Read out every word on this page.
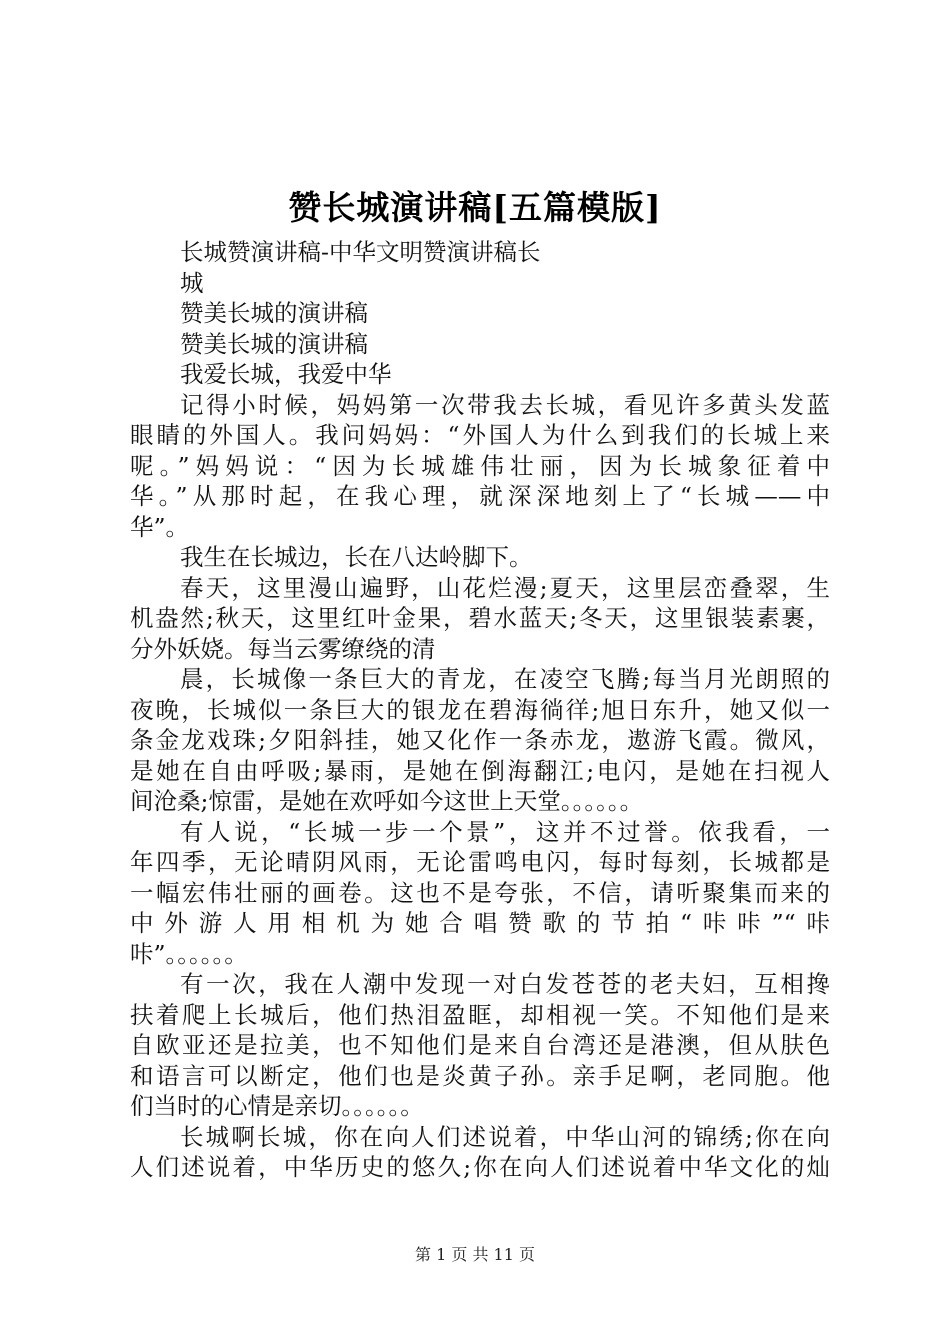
赞长城演讲稿[五篇模版]
长城赞演讲稿-中华文明赞演讲稿长
城
赞美长城的演讲稿
赞美长城的演讲稿
我爱长城，我爱中华
记得小时候，妈妈第一次带我去长城，看见许多黄头发蓝
眼睛的外国人。我问妈妈：“外国人为什么到我们的长城上来
呢。”妈妈说：“因为长城雄伟壮丽，因为长城象征着中
华。”从那时起，在我心理，就深深地刻上了“长城——中
华”。
我生在长城边，长在八达岭脚下。
春天，这里漫山遍野，山花烂漫;夏天，这里层峦叠翠，生
机盎然;秋天，这里红叶金果，碧水蓝天;冬天，这里银装素裹，
分外妖娆。每当云雾缭绕的清
晨，长城像一条巨大的青龙，在凌空飞腾;每当月光朗照的
夜晚，长城似一条巨大的银龙在碧海徜徉;旭日东升，她又似一
条金龙戏珠;夕阳斜挂，她又化作一条赤龙，遨游飞霞。微风，
是她在自由呼吸;暴雨，是她在倒海翻江;电闪，是她在扫视人
间沧桑;惊雷，是她在欢呼如今这世上天堂。。。。。。
有人说，“长城一步一个景”，这并不过誉。依我看，一
年四季，无论晴阴风雨，无论雷鸣电闪，每时每刻，长城都是
一幅宏伟壮丽的画卷。这也不是夸张，不信，请听聚集而来的
中外游人用相机为她合唱赞歌的节拍“咔咔”“咔
咔”。。。。。。
有一次，我在人潮中发现一对白发苍苍的老夫妇，互相搀
扶着爬上长城后，他们热泪盈眶，却相视一笑。不知他们是来
自欧亚还是拉美，也不知他们是来自台湾还是港澳，但从肤色
和语言可以断定，他们也是炎黄子孙。亲手足啊，老同胞。他
们当时的心情是亲切。。。。。。
长城啊长城，你在向人们述说着，中华山河的锦绣;你在向
人们述说着，中华历史的悠久;你在向人们述说着中华文化的灿
第 1 页 共 11 页
